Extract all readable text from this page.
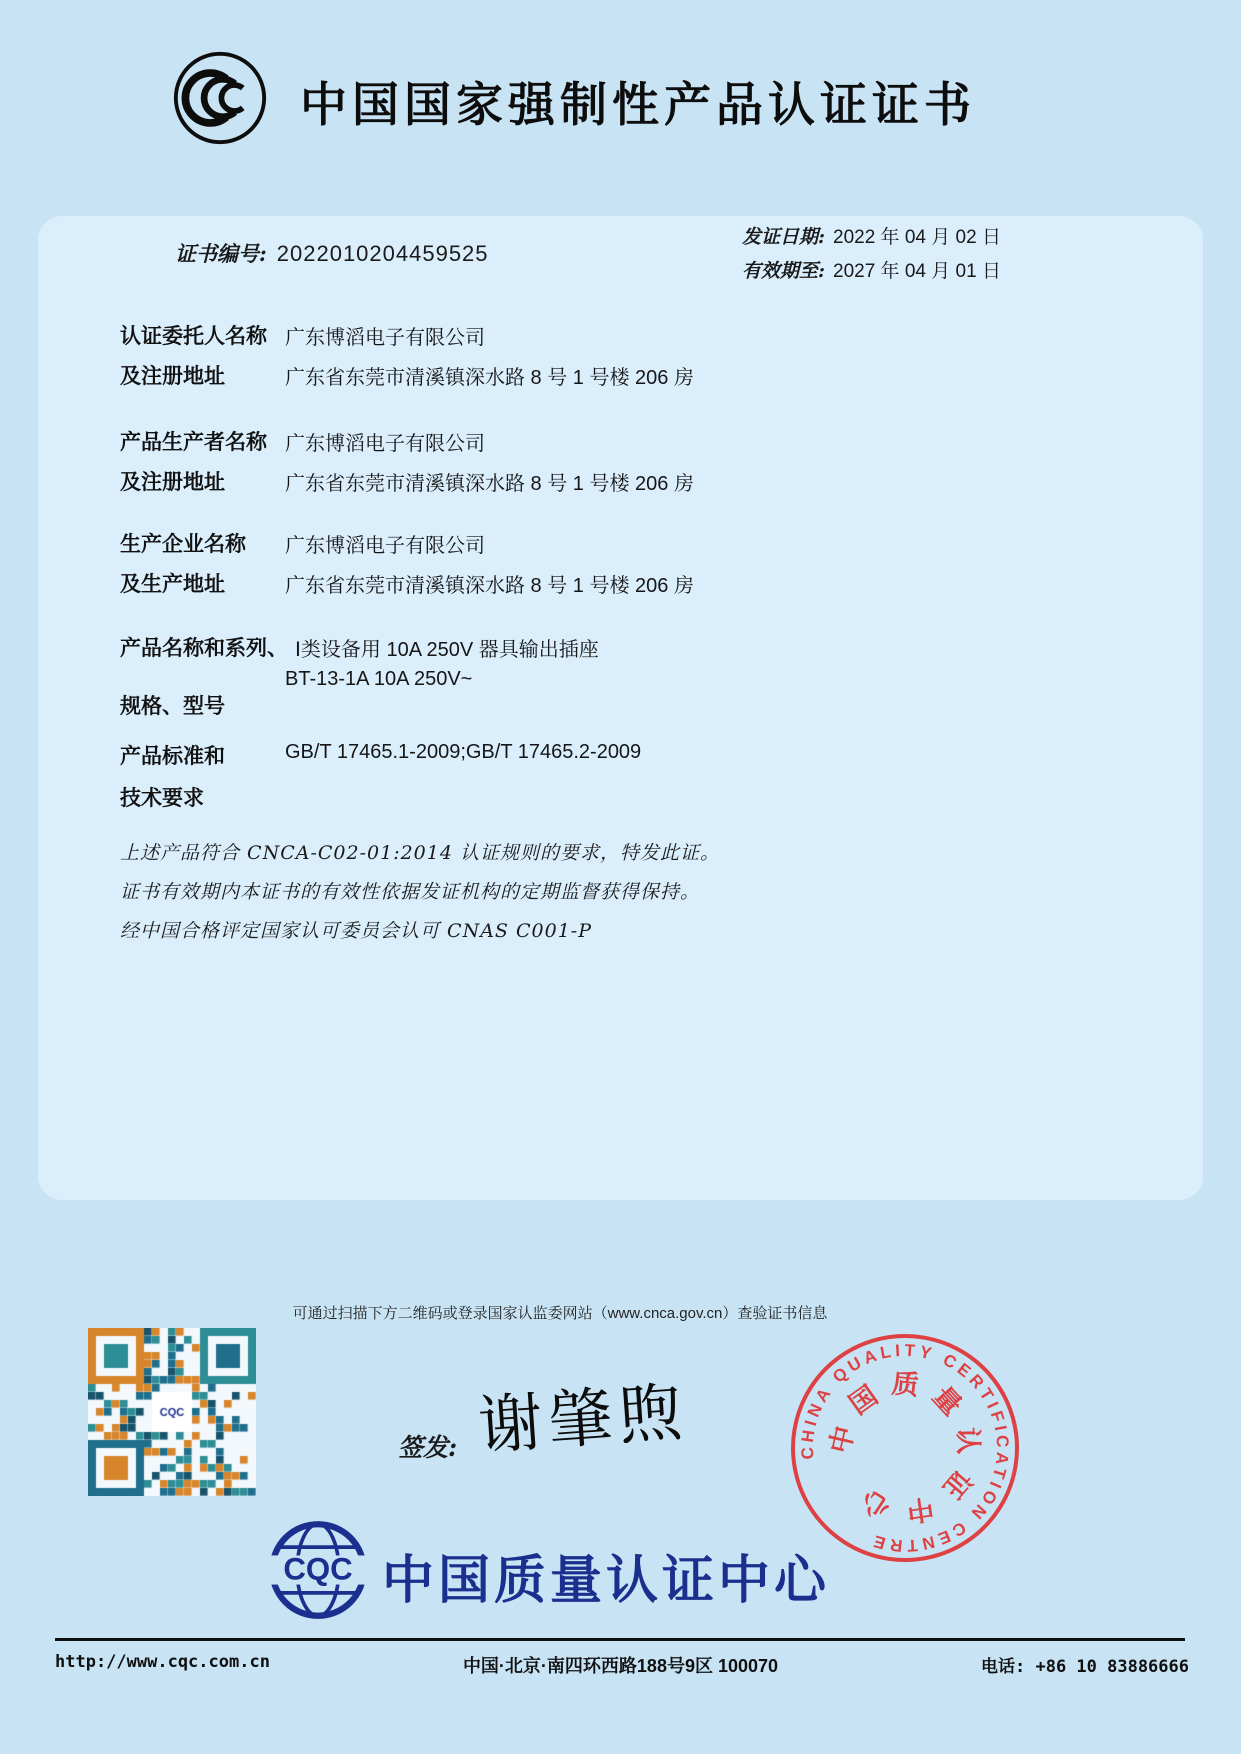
中国国家强制性产品认证证书
证书编号: 2022010204459525
发证日期: 2022 年 04 月 02 日
有效期至: 2027 年 04 月 01 日
认证委托人名称 广东博滔电子有限公司
及注册地址	广东省东莞市清溪镇深水路 8 号 1 号楼 206 房
产品生产者名称 广东博滔电子有限公司
及注册地址	广东省东莞市清溪镇深水路 8 号 1 号楼 206 房
生产企业名称 广东博滔电子有限公司
及生产地址	广东省东莞市清溪镇深水路 8 号 1 号楼 206 房
产品名称和系列、 Ⅰ类设备用 10A 250V 器具输出插座
BT-13-1A 10A 250V~
规格、型号
产品标准和	GB/T 17465.1-2009;GB/T 17465.2-2009
技术要求
上述产品符合 CNCA-C02-01:2014 认证规则的要求，特发此证。
证书有效期内本证书的有效性依据发证机构的定期监督获得保持。
经中国合格评定国家认可委员会认可 CNAS C001-P
可通过扫描下方二维码或登录国家认监委网站（www.cnca.gov.cn）查验证书信息
签发: 谢肇煦
CQC 中国质量认证中心
CHINA QUALITY CERTIFICATION CENTRE
中国质量认证中心
http://www.cqc.com.cn	中国·北京·南四环西路188号9区 100070	电话: +86 10 83886666
